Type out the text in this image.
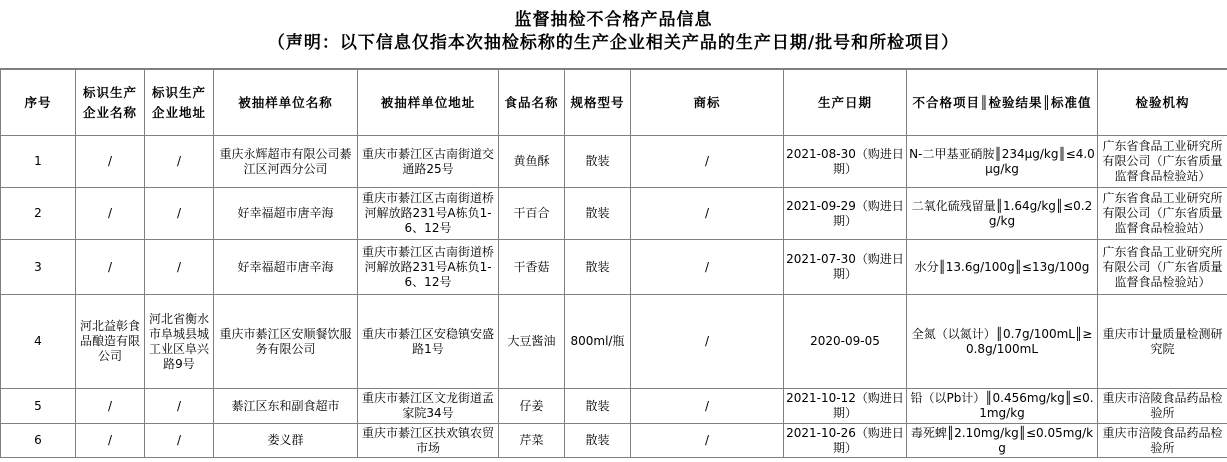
监督抽检不合格产品信息
（声明：以下信息仅指本次抽检标称的生产企业相关产品的生产日期/批号和所检项目）
序号	标识生产企业名称	标识生产企业地址	被抽样单位名称	被抽样单位地址	食品名称	规格型号	商标	生产日期	不合格项目║检验结果║标准值	检验机构
1	/	/	重庆永辉超市有限公司綦江区河西分公司	重庆市綦江区古南街道交通路25号	黄鱼酥	散装	/	2021-08-30（购进日期）	N-二甲基亚硝胺║234μg/kg║≤4.0μg/kg	广东省食品工业研究所有限公司（广东省质量监督食品检验站）
2	/	/	好幸福超市唐辛海	重庆市綦江区古南街道桥河解放路231号A栋负1-6、12号	干百合	散装	/	2021-09-29（购进日期）	二氧化硫残留量║1.64g/kg║≤0.2g/kg	广东省食品工业研究所有限公司（广东省质量监督食品检验站）
3	/	/	好幸福超市唐辛海	重庆市綦江区古南街道桥河解放路231号A栋负1-6、12号	干香菇	散装	/	2021-07-30（购进日期）	水分║13.6g/100g║≤13g/100g	广东省食品工业研究所有限公司（广东省质量监督食品检验站）
4	河北益彰食品酿造有限公司	河北省衡水市阜城县城工业区阜兴路9号	重庆市綦江区安顺餐饮服务有限公司	重庆市綦江区安稳镇安盛路1号	大豆酱油	800ml/瓶	/	2020-09-05	全氮（以氮计）║0.7g/100mL║≥0.8g/100mL	重庆市计量质量检测研究院
5	/	/	綦江区东和副食超市	重庆市綦江区文龙街道孟家院34号	仔姜	散装	/	2021-10-12（购进日期）	铅（以Pb计）║0.456mg/kg║≤0.1mg/kg	重庆市涪陵食品药品检验所
6	/	/	娄义群	重庆市綦江区扶欢镇农贸市场	芹菜	散装	/	2021-10-26（购进日期）	毒死蜱║2.10mg/kg║≤0.05mg/kg	重庆市涪陵食品药品检验所
